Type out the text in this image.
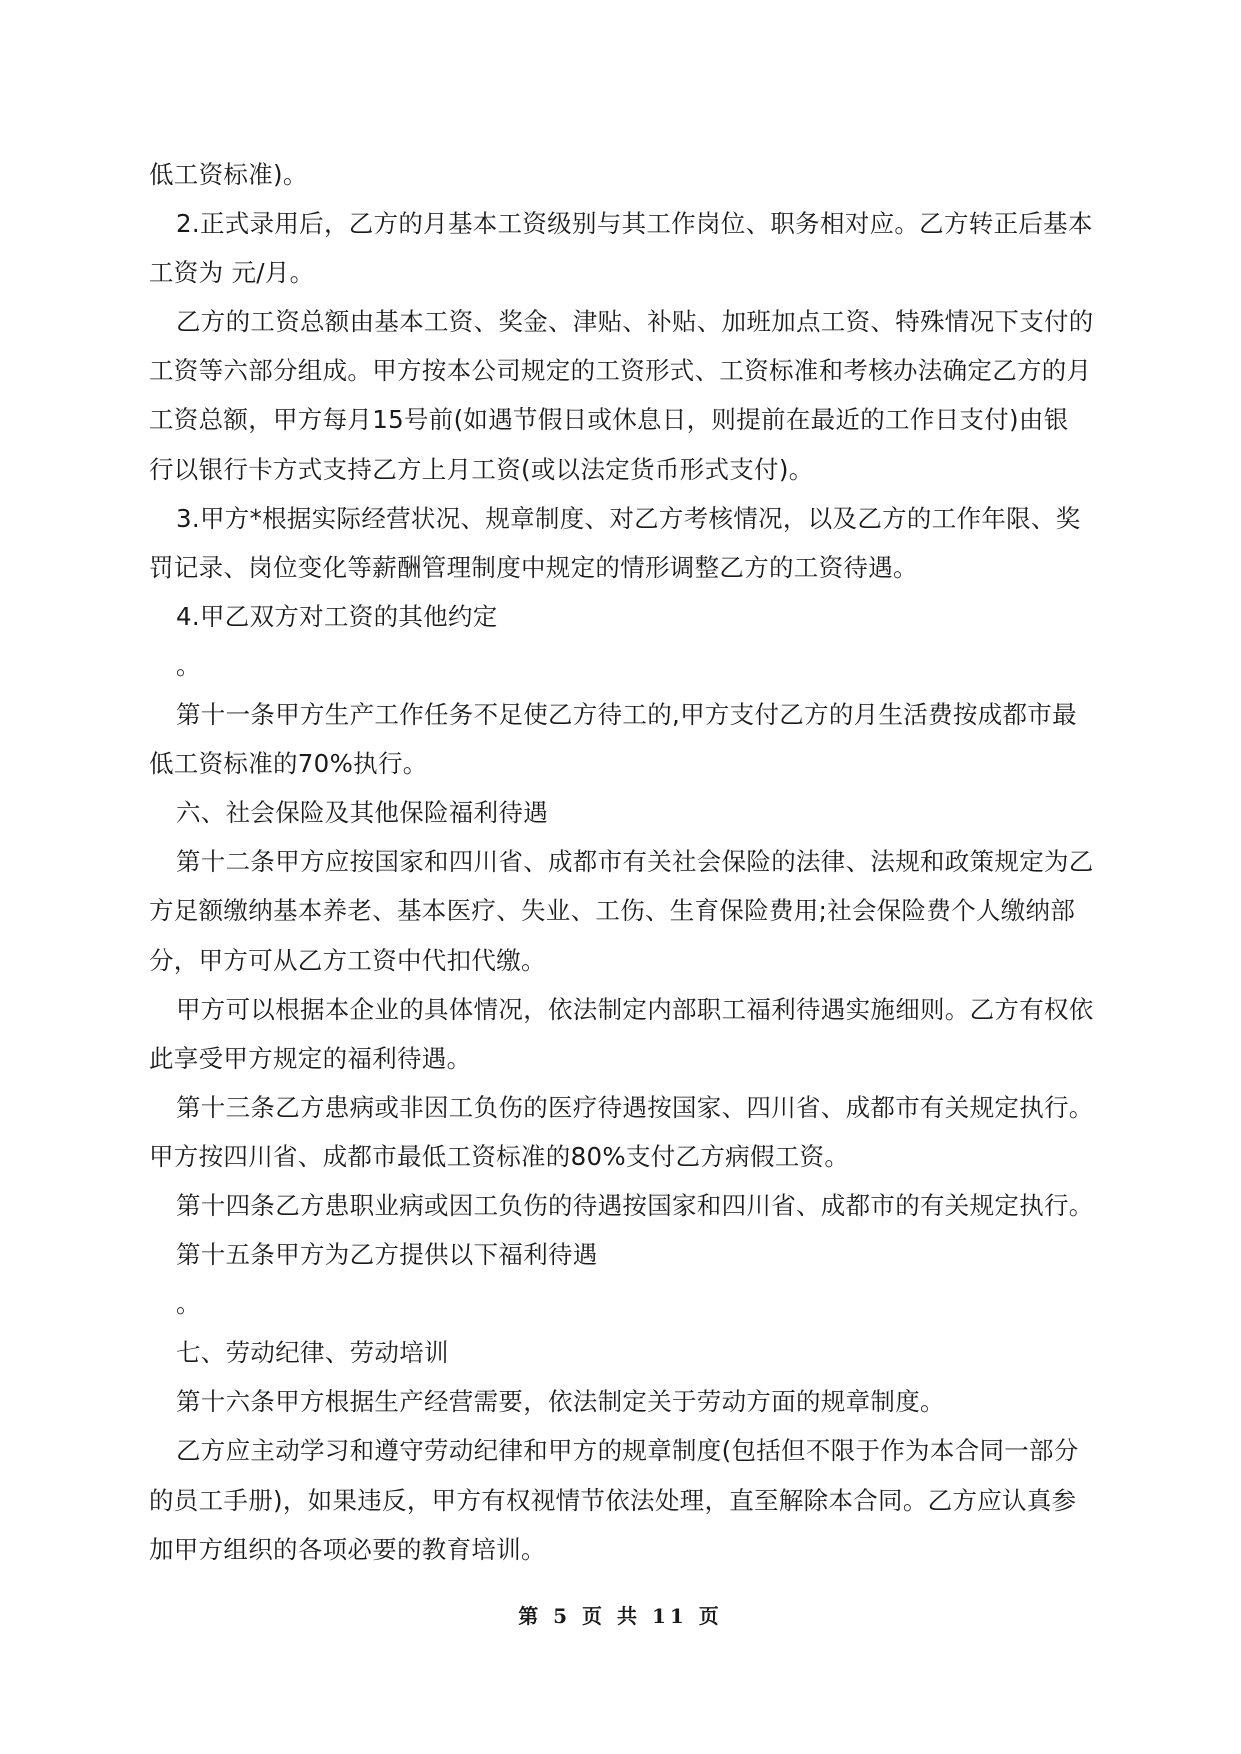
低工资标准)。
2.正式录用后，乙方的月基本工资级别与其工作岗位、职务相对应。乙方转正后基本
工资为 元/月。
乙方的工资总额由基本工资、奖金、津贴、补贴、加班加点工资、特殊情况下支付的
工资等六部分组成。甲方按本公司规定的工资形式、工资标准和考核办法确定乙方的月
工资总额，甲方每月15号前(如遇节假日或休息日，则提前在最近的工作日支付)由银
行以银行卡方式支持乙方上月工资(或以法定货币形式支付)。
3.甲方*根据实际经营状况、规章制度、对乙方考核情况，以及乙方的工作年限、奖
罚记录、岗位变化等薪酬管理制度中规定的情形调整乙方的工资待遇。
4.甲乙双方对工资的其他约定
。
第十一条甲方生产工作任务不足使乙方待工的,甲方支付乙方的月生活费按成都市最
低工资标准的70%执行。
六、社会保险及其他保险福利待遇
第十二条甲方应按国家和四川省、成都市有关社会保险的法律、法规和政策规定为乙
方足额缴纳基本养老、基本医疗、失业、工伤、生育保险费用;社会保险费个人缴纳部
分，甲方可从乙方工资中代扣代缴。
甲方可以根据本企业的具体情况，依法制定内部职工福利待遇实施细则。乙方有权依
此享受甲方规定的福利待遇。
第十三条乙方患病或非因工负伤的医疗待遇按国家、四川省、成都市有关规定执行。
甲方按四川省、成都市最低工资标准的80%支付乙方病假工资。
第十四条乙方患职业病或因工负伤的待遇按国家和四川省、成都市的有关规定执行。
第十五条甲方为乙方提供以下福利待遇
。
七、劳动纪律、劳动培训
第十六条甲方根据生产经营需要，依法制定关于劳动方面的规章制度。
乙方应主动学习和遵守劳动纪律和甲方的规章制度(包括但不限于作为本合同一部分
的员工手册)，如果违反，甲方有权视情节依法处理，直至解除本合同。乙方应认真参
加甲方组织的各项必要的教育培训。
第 5 页 共 11 页
